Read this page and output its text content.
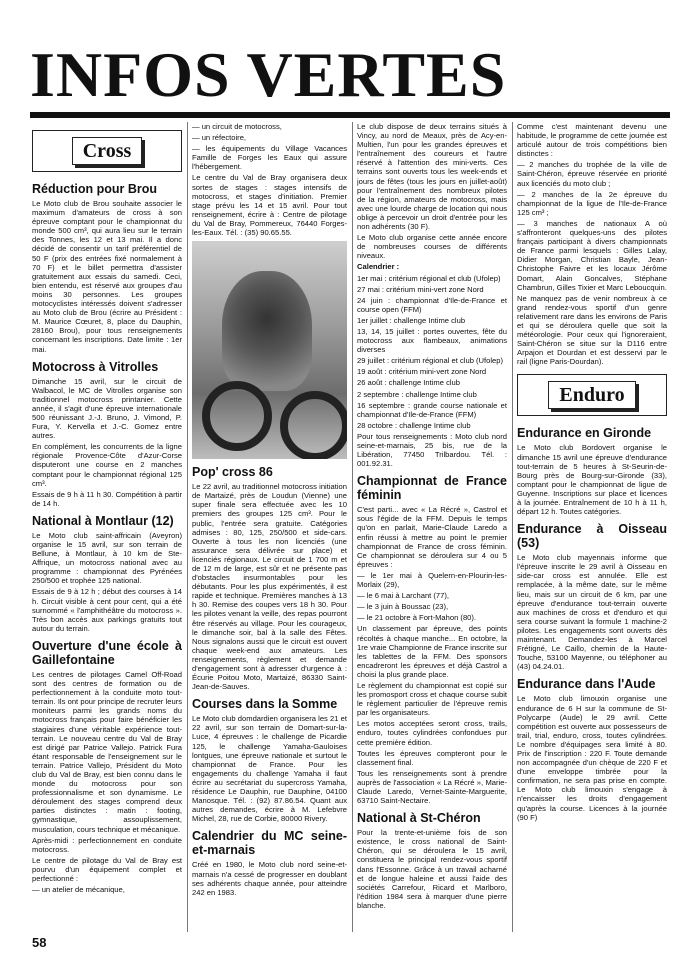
INFOS VERTES
Cross
Réduction pour Brou

Le Moto club de Brou souhaite associer le maximum d'amateurs de cross à son épreuve comptant pour le championnat du monde 500 cm³, qui aura lieu sur le terrain des Tonnes, les 12 et 13 mai. Il a donc décidé de consentir un tarif préférentiel de 50 F (prix des entrées fixé normalement à 70 F) et le billet permettra d'assister gratuitement aux essais du samedi. Ceci, bien entendu, est réservé aux groupes d'au moins 30 personnes. Les groupes motocyclistes intéressés doivent s'adresser au Moto club de Brou (écrire au Président : M. Maurice Cœuret, 8, place du Dauphin, 28160 Brou), pour tous renseignements concernant les inscriptions. Date limite : 1er mai.

Motocross à Vitrolles

Dimanche 15 avril, sur le circuit de Walbacol, le MC de Vitrolles organise son traditionnel motocross printanier. Cette année, il s'agit d'une épreuve internationale 500 réunissant J.-J. Bruno, J. Vimond, P. Fura, Y. Kervella et J.-C. Gomez entre autres.

En complément, les concurrents de la ligne régionale Provence-Côte d'Azur-Corse disputeront une course en 2 manches comptant pour le championnat régional 125 cm³.

Essais de 9 h à 11 h 30. Compétition à partir de 14 h.

National à Montlaur (12)

Le Moto club saint-affricain (Aveyron) organise le 15 avril, sur son terrain de Bellune, à Montlaur, à 10 km de Ste-Affrique, un motocross national avec au programme : championnat des Pyrénées 250/500 et trophée 125 national.

Essais de 9 à 12 h ; début des courses à 14 h. Circuit visible à cent pour cent, qui a été surnommé « l'amphithéâtre du motocross ». Très bon accès aux parkings gratuits tout autour du terrain.

Ouverture d'une école à Gaillefontaine

Les centres de pilotages Camel Off-Road sont des centres de formation ou de perfectionnement à la conduite moto tout-terrain. Ils ont pour principe de recruter leurs moniteurs parmi les grands noms du motocross français pour faire bénéficier les stagiaires d'une véritable expérience tout-terrain. Le nouveau centre du Val de Bray est dirigé par Patrice Vallejo. Patrick Fura étant responsable de l'enseignement sur le terrain. Patrice Vallejo, Président du Moto club du Val de Bray, est bien connu dans le monde du motocross pour son professionnalisme et son dynamisme. Le déroulement des stages comprend deux parties distinctes : matin : footing, gymnastique, assouplissement, musculation, cours technique et mécanique.

Après-midi : perfectionnement en conduite motocross.

Le centre de pilotage du Val de Bray est pourvu d'un équipement complet et perfectionné :

— un atelier de mécanique,

— un circuit de motocross,

— un réfectoire,

— les équipements du Village Vacances Famille de Forges les Eaux qui assure l'hébergement.

Le centre du Val de Bray organisera deux sortes de stages : stages intensifs de motocross, et stages d'initiation. Premier stage prévu les 14 et 15 avril. Pour tout renseignement, écrire à : Centre de pilotage du Val de Bray, Pommereux, 76440 Forges-les-Eaux. Tél. : (35) 90.65.55.

Pop' cross 86

Le 22 avril, au traditionnel motocross initiation de Martaizé, près de Loudun (Vienne) une super finale sera effectuée avec les 10 premiers des groupes 125 cm³. Pour le public, l'entrée sera gratuite. Catégories admises : 80, 125, 250/500 et side-cars. Ouverte à tous les non licenciés (une assurance sera délivrée sur place) et licenciés régionaux. Le circuit de 1 700 m et de 12 m de large, est sûr et ne présente pas d'obstacles insurmontables pour les débutants. Pour les plus expérimentés, il est rapide et technique. Premières manches à 13 h 30. Remise des coupes vers 18 h 30. Pour les pilotes venant la veille, des repas pourront être réservés au village. Pour les courageux, le dimanche soir, bal à la salle des Fêtes. Nous signalons aussi que le circuit est ouvert chaque week-end aux amateurs. Les renseignements, règlement et demande d'engagement sont à adresser d'urgence à : Écurie Poitou Moto, Martaizé, 86330 Saint-Jean-de-Sauves.

Courses dans la Somme

Le Moto club domdardien organisera les 21 et 22 avril, sur son terrain de Domart-sur-la-Luce, 4 épreuves : le challenge de Picardie 125, le challenge Yamaha-Gauloises lontgues, une épreuve nationale et surtout le championnat de France. Pour les engagements du challenge Yamaha il faut écrire au secrétariat du supercross Yamaha, résidence Le Dauphin, rue Dauphine, 04100 Manosque. Tél. : (92) 87.86.54. Quant aux autres demandes, écrire à M. Lefebvre Michel, 28, rue de Corbie, 80000 Rivery.

Calendrier du MC seine-et-marnais

Créé en 1980, le Moto club nord seine-et-marnais n'a cessé de progresser en doublant ses adhérents chaque année, pour atteindre 242 en 1983.

Le club dispose de deux terrains situés à Vincy, au nord de Meaux, près de Acy-en-Multien, l'un pour les grandes épreuves et l'entraînement des coureurs et l'autre réservé à l'attention des mini-verts. Ces terrains sont ouverts tous les week-ends et jours de fêtes (tous les jours en juillet-août) pour l'entraînement des nombreux pilotes de la région, amateurs de motocross, mais avec une lourde charge de location qui nous oblige à percevoir un droit d'entrée pour les non adhérents (30 F).

Le Moto club organise cette année encore de nombreuses courses de différents niveaux.

Calendrier :

1er mai : critérium régional et club (Ufolep)

27 mai : critérium mini-vert zone Nord

24 juin : championnat d'Ile-de-France et course open (FFM)

1er juillet : challenge Intime club

13, 14, 15 juillet : portes ouvertes, fête du motocross aux flambeaux, animations diverses

29 juillet : critérium régional et club (Ufolep)

19 août : critérium mini-vert zone Nord

26 août : challenge Intime club

2 septembre : challenge Intime club

16 septembre : grande course nationale et championnat d'Ile-de-France (FFM)

28 octobre : challenge Intime club

Pour tous renseignements : Moto club nord seine-et-marnais, 25 bis, rue de la Libération, 77450 Trilbardou. Tél. : 001.92.31.

Championnat de France féminin

C'est parti... avec « La Récré », Castrol et sous l'égide de la FFM. Depuis le temps qu'on en parlait, Marie-Claude Laredo a enfin réussi à mettre au point le premier championnat de France de cross féminin. Ce championnat se déroulera sur 4 ou 5 épreuves :

— le 1er mai à Quelern-en-Plourin-les-Morlaix (29),

— le 6 mai à Larchant (77),

— le 3 juin à Boussac (23),

— le 21 octobre à Fort-Mahon (80).

Un classement par épreuve, des points récoltés à chaque manche... En octobre, la 1re vraie Championne de France inscrite sur les tablettes de la FFM. Des sponsors encadreront les épreuves et déjà Castrol a choisi la plus grande place.

Le règlement du championnat est copié sur les promosport cross et chaque course subit le règlement particulier de l'épreuve remis par les organisateurs.

Les motos acceptées seront cross, trails, enduro, toutes cylindrées confondues pur cette première édition.

Toutes les épreuves compteront pour le classement final.

Tous les renseignements sont à prendre auprès de l'association « La Récré », Marie-Claude Laredo, Vernet-Sainte-Marguerite, 63710 Saint-Nectaire.

National à St-Chéron

Pour la trente-et-unième fois de son existence, le cross national de Saint-Chéron, qui se déroulera le 15 avril, constituera le principal rendez-vous sportif dans l'Essonne. Grâce à un travail acharné et de longue haleine et aussi l'aide des sociétés Carrefour, Ricard et Marlboro, l'édition 1984 sera à marquer d'une pierre blanche.

Comme c'est maintenant devenu une habitude, le programme de cette journée est articulé autour de trois compétitions bien distinctes :

— 2 manches du trophée de la ville de Saint-Chéron, épreuve réservée en priorité aux licenciés du moto club ;

— 2 manches de la 2e épreuve du championnat de la ligue de l'Ile-de-France 125 cm³ ;

— 3 manches de nationaux A où s'affronteront quelques-uns des pilotes français participant à divers championnats de France parmi lesquels : Gilles Lalay, Didier Morgan, Christian Bayle, Jean-Christophe Faivre et les locaux Jérôme Domart, Alain Goncalves, Stéphane Chambrun, Gilles Tixier et Marc Leboucquin.

Ne manquez pas de venir nombreux à ce grand rendez-vous sportif d'un genre relativement rare dans les environs de Paris et qui se déroulera quelle que soit la météorologie. Pour ceux qui l'ignoreraient, Saint-Chéron se situe sur la D116 entre Arpajon et Dourdan et est desservi par le rail (ligne Paris-Dourdan).

Enduro
Endurance en Gironde

Le Moto club Bordovert organise le dimanche 15 avril une épreuve d'endurance tout-terrain de 5 heures à St-Seurin-de-Bourg près de Bourg-sur-Gironde (33), comptant pour le championnat de ligue de Guyenne. Inscriptions sur place et licences à la journée. Entraînement de 10 h à 11 h, départ 12 h. Toutes catégories.

Endurance à Oisseau (53)

Le Moto club mayennais informe que l'épreuve inscrite le 29 avril à Oisseau en side-car cross est annulée. Elle est remplacée, à la même date, sur le même lieu, mais sur un circuit de 6 km, par une épreuve d'endurance tout-terrain ouverte aux machines de cross et d'enduro et qui sera course suivant la formule 1 machine-2 pilotes. Les engagements sont ouverts dès maintenant. Demandez-les à Marcel Frétigné, Le Caillo, chemin de la Haute-Touche, 53100 Mayenne, ou téléphoner au (43) 04.24.01.

Endurance dans l'Aude

Le Moto club limouxin organise une endurance de 6 H sur la commune de St-Polycarpe (Aude) le 29 avril. Cette compétition est ouverte aux possesseurs de trail, trial, enduro, cross, toutes cylindrées. Le nombre d'équipages sera limité à 80. Prix de l'inscription : 220 F. Toute demande non accompagnée d'un chèque de 220 F et d'une enveloppe timbrée pour la confirmation, ne sera pas prise en compte. Le Moto club limouxin s'engage à n'encaisser les droits d'engagement qu'après la course. Licences à la journée (90 F)

58
